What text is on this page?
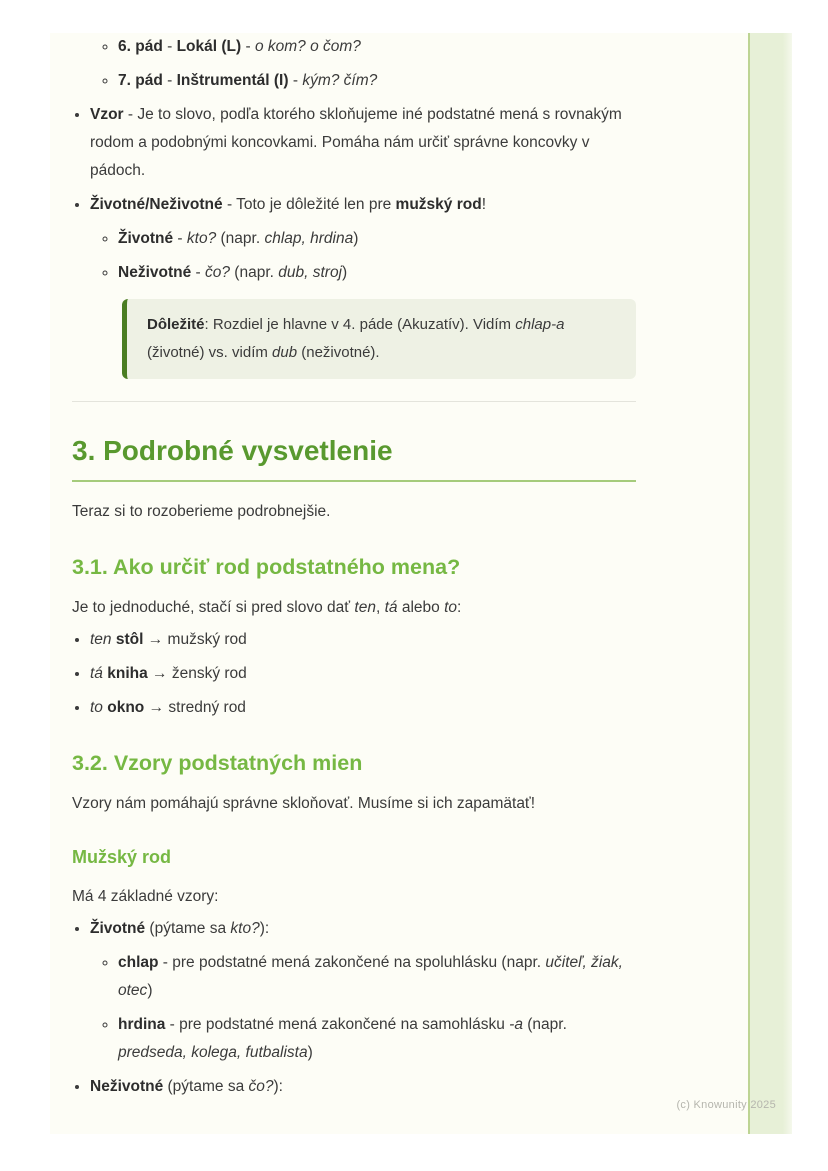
◦ 6. pád - Lokál (L) - o kom? o čom?
◦ 7. pád - Inštrumentál (I) - kým? čím?
• Vzor - Je to slovo, podľa ktorého skloňujeme iné podstatné mená s rovnakým rodom a podobnými koncovkami. Pomáha nám určiť správne koncovky v pádoch.
• Životné/Neživotné - Toto je dôležité len pre mužský rod!
◦ Životné - kto? (napr. chlap, hrdina)
◦ Neživotné - čo? (napr. dub, stroj)

Dôležité: Rozdiel je hlavne v 4. páde (Akuzatív). Vidím chlap-a (životné) vs. vidím dub (neživotné).

3. Podrobné vysvetlenie

Teraz si to rozoberieme podrobnejšie.

3.1. Ako určiť rod podstatného mena?

Je to jednoduché, stačí si pred slovo dať ten, tá alebo to:

• ten stôl → mužský rod
• tá kniha → ženský rod
• to okno → stredný rod
3.2. Vzory podstatných mien

Vzory nám pomáhajú správne skloňovať. Musíme si ich zapamätať!

Mužský rod

Má 4 základné vzory:

• Životné (pýtame sa kto?):
◦ chlap - pre podstatné mená zakončené na spoluhlásku (napr. učiteľ, žiak, otec)
◦ hrdina - pre podstatné mená zakončené na samohlásku -a (napr. predseda, kolega, futbalista)
• Neživotné (pýtame sa čo?):
(c) Knowunity 2025
